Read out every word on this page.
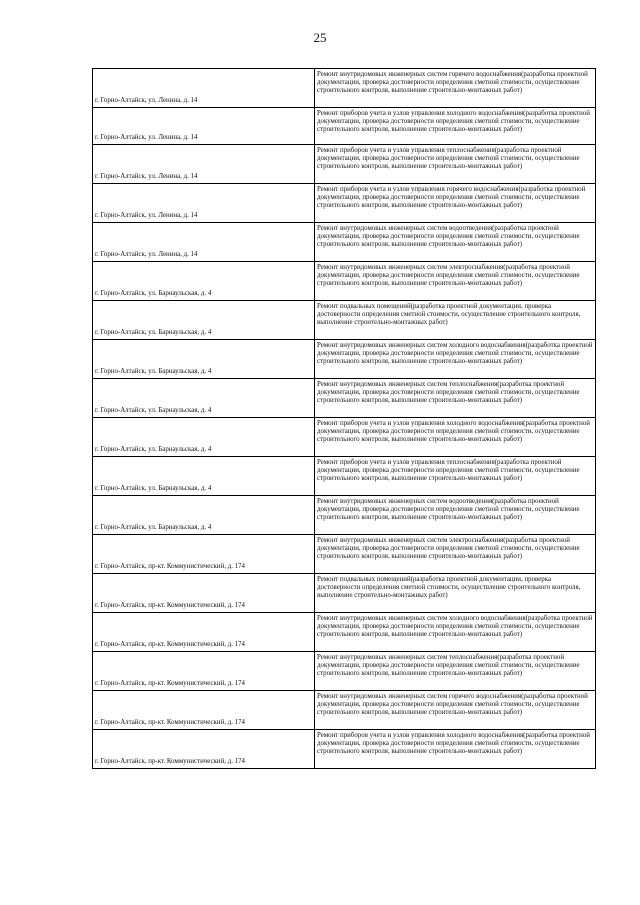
25
г. Горно-Алтайск, ул. Ленина, д. 14	Ремонт внутридомовых инженерных систем горячего водоснабжения(разработка проектной документации, проверка достоверности определения сметной стоимости, осуществление строительного контроля, выполнение строительно-монтажных работ)
г. Горно-Алтайск, ул. Ленина, д. 14	Ремонт приборов учета и узлов управления холодного водоснабжения(разработка проектной документации, проверка достоверности определения сметной стоимости, осуществление строительного контроля, выполнение строительно-монтажных работ)
г. Горно-Алтайск, ул. Ленина, д. 14	Ремонт приборов учета и узлов управления теплоснабжения(разработка проектной документации, проверка достоверности определения сметной стоимости, осуществление строительного контроля, выполнение строительно-монтажных работ)
г. Горно-Алтайск, ул. Ленина, д. 14	Ремонт приборов учета и узлов управления горячего водоснабжения(разработка проектной документации, проверка достоверности определения сметной стоимости, осуществление строительного контроля, выполнение строительно-монтажных работ)
г. Горно-Алтайск, ул. Ленина, д. 14	Ремонт внутридомовых инженерных систем водоотведения(разработка проектной документации, проверка достоверности определения сметной стоимости, осуществление строительного контроля, выполнение строительно-монтажных работ)
г. Горно-Алтайск, ул. Барнаульская, д. 4	Ремонт внутридомовых инженерных систем электроснабжения(разработка проектной документации, проверка достоверности определения сметной стоимости, осуществление строительного контроля, выполнение строительно-монтажных работ)
г. Горно-Алтайск, ул. Барнаульская, д. 4	Ремонт подвальных помещений(разработка проектной документации, проверка достоверности определения сметной стоимости, осуществление строительного контроля, выполнение строительно-монтажных работ)
г. Горно-Алтайск, ул. Барнаульская, д. 4	Ремонт внутридомовых инженерных систем холодного водоснабжения(разработка проектной документации, проверка достоверности определения сметной стоимости, осуществление строительного контроля, выполнение строительно-монтажных работ)
г. Горно-Алтайск, ул. Барнаульская, д. 4	Ремонт внутридомовых инженерных систем теплоснабжения(разработка проектной документации, проверка достоверности определения сметной стоимости, осуществление строительного контроля, выполнение строительно-монтажных работ)
г. Горно-Алтайск, ул. Барнаульская, д. 4	Ремонт приборов учета и узлов управления холодного водоснабжения(разработка проектной документации, проверка достоверности определения сметной стоимости, осуществление строительного контроля, выполнение строительно-монтажных работ)
г. Горно-Алтайск, ул. Барнаульская, д. 4	Ремонт приборов учета и узлов управления теплоснабжения(разработка проектной документации, проверка достоверности определения сметной стоимости, осуществление строительного контроля, выполнение строительно-монтажных работ)
г. Горно-Алтайск, ул. Барнаульская, д. 4	Ремонт внутридомовых инженерных систем водоотведения(разработка проектной документации, проверка достоверности определения сметной стоимости, осуществление строительного контроля, выполнение строительно-монтажных работ)
г. Горно-Алтайск, пр-кт. Коммунистический, д. 174	Ремонт внутридомовых инженерных систем электроснабжения(разработка проектной документации, проверка достоверности определения сметной стоимости, осуществление строительного контроля, выполнение строительно-монтажных работ)
г. Горно-Алтайск, пр-кт. Коммунистический, д. 174	Ремонт подвальных помещений(разработка проектной документации, проверка достоверности определения сметной стоимости, осуществление строительного контроля, выполнение строительно-монтажных работ)
г. Горно-Алтайск, пр-кт. Коммунистический, д. 174	Ремонт внутридомовых инженерных систем холодного водоснабжения(разработка проектной документации, проверка достоверности определения сметной стоимости, осуществление строительного контроля, выполнение строительно-монтажных работ)
г. Горно-Алтайск, пр-кт. Коммунистический, д. 174	Ремонт внутридомовых инженерных систем теплоснабжения(разработка проектной документации, проверка достоверности определения сметной стоимости, осуществление строительного контроля, выполнение строительно-монтажных работ)
г. Горно-Алтайск, пр-кт. Коммунистический, д. 174	Ремонт внутридомовых инженерных систем горячего водоснабжения(разработка проектной документации, проверка достоверности определения сметной стоимости, осуществление строительного контроля, выполнение строительно-монтажных работ)
г. Горно-Алтайск, пр-кт. Коммунистический, д. 174	Ремонт приборов учета и узлов управления холодного водоснабжения(разработка проектной документации, проверка достоверности определения сметной стоимости, осуществление строительного контроля, выполнение строительно-монтажных работ)
